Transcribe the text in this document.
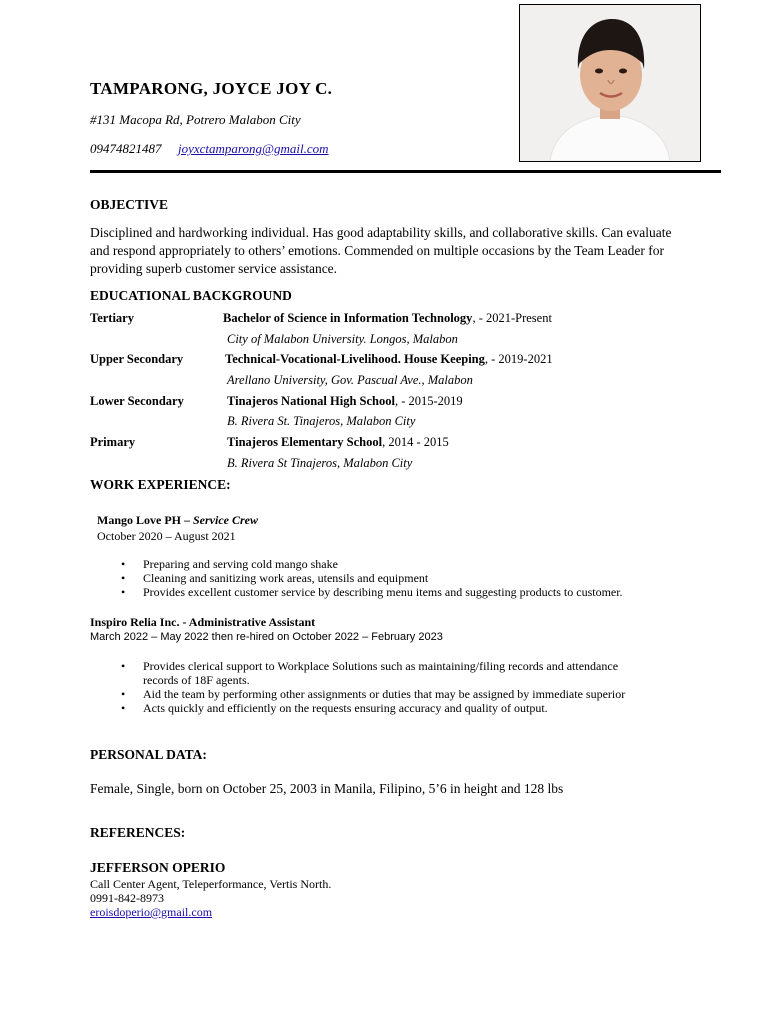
TAMPARONG, JOYCE JOY C.
#131 Macopa Rd, Potrero Malabon City
09474821487 joyxctamparong@gmail.com
OBJECTIVE
Disciplined and hardworking individual. Has good adaptability skills, and collaborative skills. Can evaluate and respond appropriately to others’ emotions. Commended on multiple occasions by the Team Leader for providing superb customer service assistance.
EDUCATIONAL BACKGROUND
Tertiary	Bachelor of Science in Information Technology, - 2021-Present
City of Malabon University. Longos, Malabon
Upper Secondary	Technical-Vocational-Livelihood. House Keeping, - 2019-2021
Arellano University, Gov. Pascual Ave., Malabon
Lower Secondary	Tinajeros National High School, - 2015-2019
B. Rivera St. Tinajeros, Malabon City
Primary	Tinajeros Elementary School, 2014 - 2015
B. Rivera St Tinajeros, Malabon City
WORK EXPERIENCE:
Mango Love PH – Service Crew
October 2020 – August 2021
• Preparing and serving cold mango shake
• Cleaning and sanitizing work areas, utensils and equipment
• Provides excellent customer service by describing menu items and suggesting products to customer.
Inspiro Relia Inc. - Administrative Assistant
March 2022 – May 2022 then re-hired on October 2022 – February 2023
• Provides clerical support to Workplace Solutions such as maintaining/filing records and attendance records of 18F agents.
• Aid the team by performing other assignments or duties that may be assigned by immediate superior
• Acts quickly and efficiently on the requests ensuring accuracy and quality of output.
PERSONAL DATA:
Female, Single, born on October 25, 2003 in Manila, Filipino, 5’6 in height and 128 lbs
REFERENCES:
JEFFERSON OPERIO
Call Center Agent, Teleperformance, Vertis North.
0991-842-8973
eroisdoperio@gmail.com
